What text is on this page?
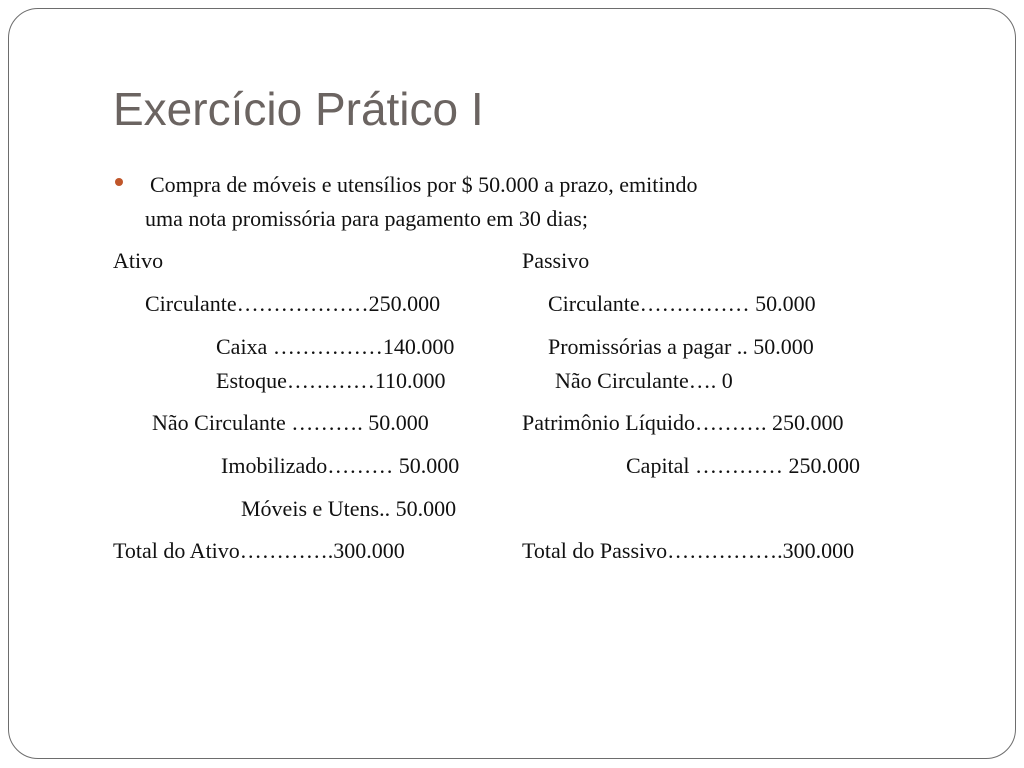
Exercício Prático I
Compra de móveis e utensílios por $ 50.000 a prazo, emitindo
uma nota promissória para pagamento em 30 dias;
Ativo
Circulante………………250.000
Caixa ……………140.000
Estoque…………110.000
Não Circulante ………. 50.000
Imobilizado……… 50.000
Móveis e Utens.. 50.000
Total do Ativo………….300.000
Passivo
Circulante…………… 50.000
Promissórias a pagar .. 50.000
Não Circulante…. 0
Patrimônio Líquido………. 250.000
Capital ………… 250.000
Total do Passivo…………….300.000
